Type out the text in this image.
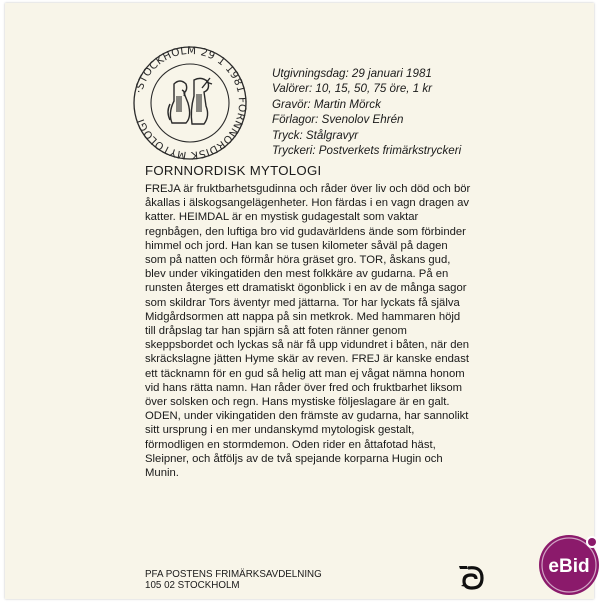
·STOCKHOLM 29 1 1981 FORNNORDISK MYTOLOGI
Utgivningsdag: 29 januari 1981
Valörer: 10, 15, 50, 75 öre, 1 kr
Gravör: Martin Mörck
Förlagor: Svenolov Ehrén
Tryck: Stålgravyr
Tryckeri: Postverkets frimärkstryckeri
FORNNORDISK MYTOLOGI
FREJA är fruktbarhetsgudinna och råder över liv och död och bör
åkallas i älskogsangelägenheter. Hon färdas i en vagn dragen av
katter. HEIMDAL är en mystisk gudagestalt som vaktar
regnbågen, den luftiga bro vid gudavärldens ände som förbinder
himmel och jord. Han kan se tusen kilometer såväl på dagen
som på natten och förmår höra gräset gro. TOR, åskans gud,
blev under vikingatiden den mest folkkäre av gudarna. På en
runsten återges ett dramatiskt ögonblick i en av de många sagor
som skildrar Tors äventyr med jättarna. Tor har lyckats få själva
Midgårdsormen att nappa på sin metkrok. Med hammaren höjd
till dråpslag tar han spjärn så att foten ränner genom
skeppsbordet och lyckas så när få upp vidundret i båten, när den
skräckslagne jätten Hyme skär av reven. FREJ är kanske endast
ett täcknamn för en gud så helig att man ej vågat nämna honom
vid hans rätta namn. Han råder över fred och fruktbarhet liksom
över solsken och regn. Hans mystiske följeslagare är en galt.
ODEN, under vikingatiden den främste av gudarna, har sannolikt
sitt ursprung i en mer undanskymd mytologisk gestalt,
förmodligen en stormdemon. Oden rider en åttafotad häst,
Sleipner, och åtföljs av de två spejande korparna Hugin och
Munin.
PFA POSTENS FRIMÄRKSAVDELNING
105 02 STOCKHOLM
eBid
